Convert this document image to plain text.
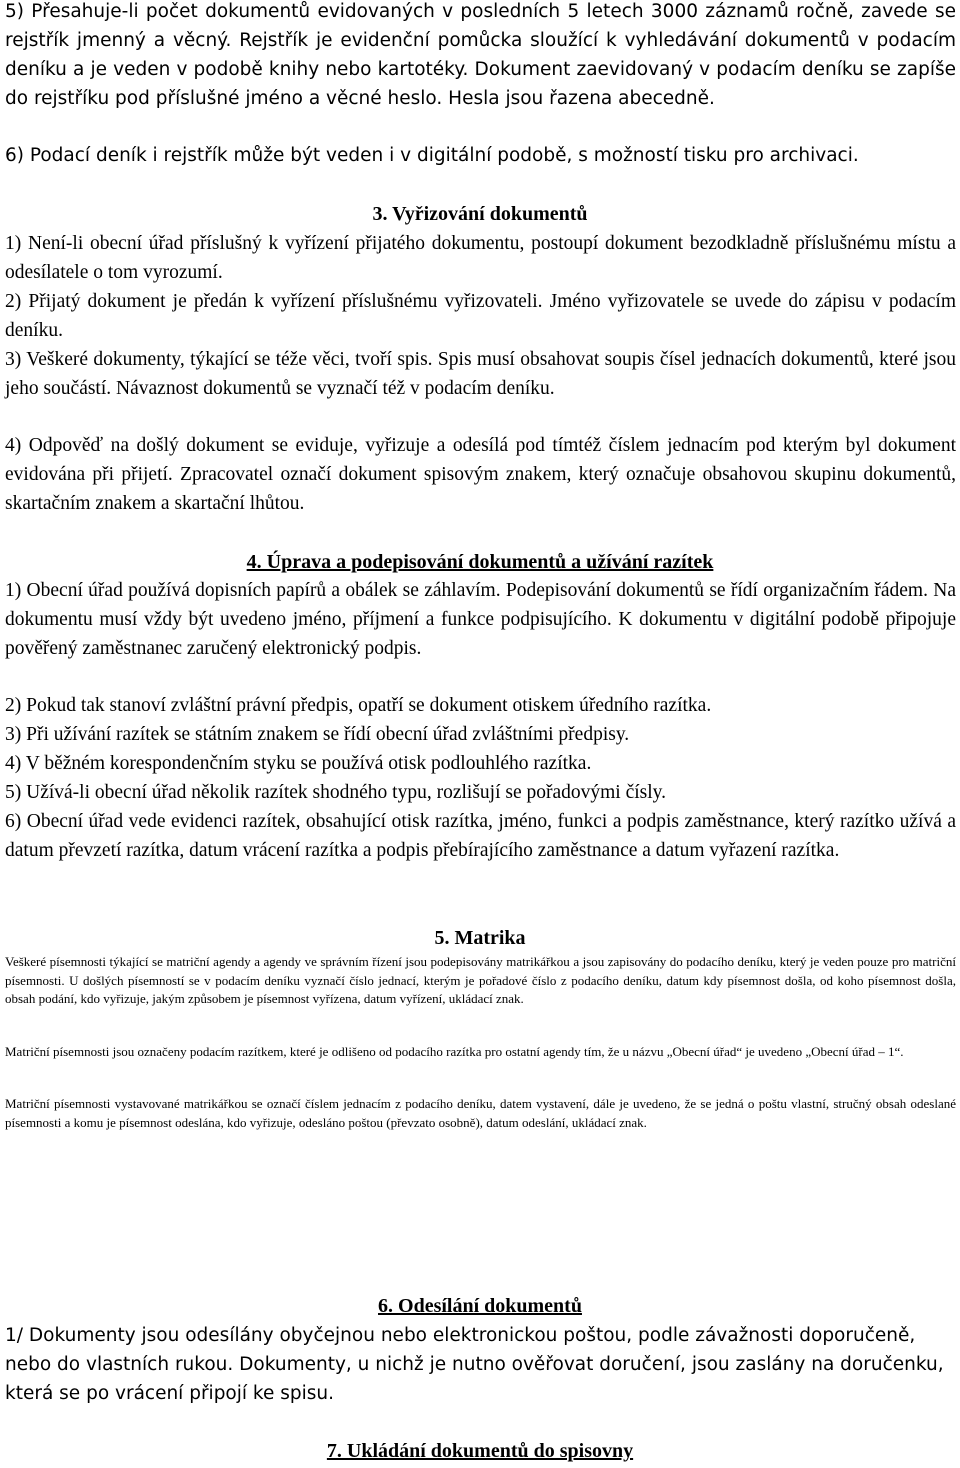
5) Přesahuje-li počet dokumentů evidovaných v posledních 5 letech 3000 záznamů ročně, zavede se rejstřík jmenný a věcný. Rejstřík je evidenční pomůcka sloužící k vyhledávání dokumentů v podacím deníku a je veden v podobě knihy nebo kartotéky. Dokument zaevidovaný v podacím deníku se zapíše do rejstříku pod příslušné jméno a věcné heslo. Hesla jsou řazena abecedně.

6) Podací deník i rejstřík může být veden i v digitální podobě, s možností tisku pro archivaci.

3. Vyřizování dokumentů

1) Není-li obecní úřad příslušný k vyřízení přijatého dokumentu, postoupí dokument bezodkladně příslušnému místu a odesílatele o tom vyrozumí.

2) Přijatý dokument je předán k vyřízení příslušnému vyřizovateli. Jméno vyřizovatele se uvede do zápisu v podacím deníku.

3) Veškeré dokumenty, týkající se téže věci, tvoří spis. Spis musí obsahovat soupis čísel jednacích dokumentů, které jsou jeho součástí. Návaznost dokumentů se vyznačí též v podacím deníku.

4) Odpověď na došlý dokument se eviduje, vyřizuje a odesílá pod tímtéž číslem jednacím pod kterým byl dokument evidována při přijetí. Zpracovatel označí dokument spisovým znakem, který označuje obsahovou skupinu dokumentů, skartačním znakem a skartační lhůtou.

4. Úprava a podepisování dokumentů a užívání razítek

1) Obecní úřad používá dopisních papírů a obálek se záhlavím. Podepisování dokumentů se řídí organizačním řádem. Na dokumentu musí vždy být uvedeno jméno, příjmení a funkce podpisujícího. K dokumentu v digitální podobě připojuje pověřený zaměstnanec zaručený elektronický podpis.

2) Pokud tak stanoví zvláštní právní předpis, opatří se dokument otiskem úředního razítka.

3) Při užívání razítek se státním znakem se řídí obecní úřad zvláštními předpisy.

4) V běžném korespondenčním styku se používá otisk podlouhlého razítka.

5) Užívá-li obecní úřad několik razítek shodného typu, rozlišují se pořadovými čísly.

6) Obecní úřad vede evidenci razítek, obsahující otisk razítka, jméno, funkci a podpis zaměstnance, který razítko užívá a datum převzetí razítka, datum vrácení razítka a podpis přebírajícího zaměstnance a datum vyřazení razítka.

5. Matrika

Veškeré písemnosti týkající se matriční agendy a agendy ve správním řízení jsou podepisovány matrikářkou a jsou zapisovány do podacího deníku, který je veden pouze pro matriční písemnosti. U došlých písemností se v podacím deníku vyznačí číslo jednací, kterým je pořadové číslo z podacího deníku, datum kdy písemnost došla, od koho písemnost došla, obsah podání, kdo vyřizuje, jakým způsobem je písemnost vyřízena, datum vyřízení, ukládací znak.

Matriční písemnosti jsou označeny podacím razítkem, které je odlišeno od podacího razítka pro ostatní agendy tím, že u názvu „Obecní úřad“ je uvedeno „Obecní úřad – 1“.

Matriční písemnosti vystavované matrikářkou se označí číslem jednacím z podacího deníku, datem vystavení, dále je uvedeno, že se jedná o poštu vlastní, stručný obsah odeslané písemnosti a komu je písemnost odeslána, kdo vyřizuje, odesláno poštou (převzato osobně), datum odeslání, ukládací znak.

6. Odesílání dokumentů

1/ Dokumenty jsou odesílány obyčejnou nebo elektronickou poštou, podle závažnosti doporučeně, nebo do vlastních rukou. Dokumenty, u nichž je nutno ověřovat doručení, jsou zaslány na doručenku, která se po vrácení připojí ke spisu.

7. Ukládání dokumentů do spisovny
